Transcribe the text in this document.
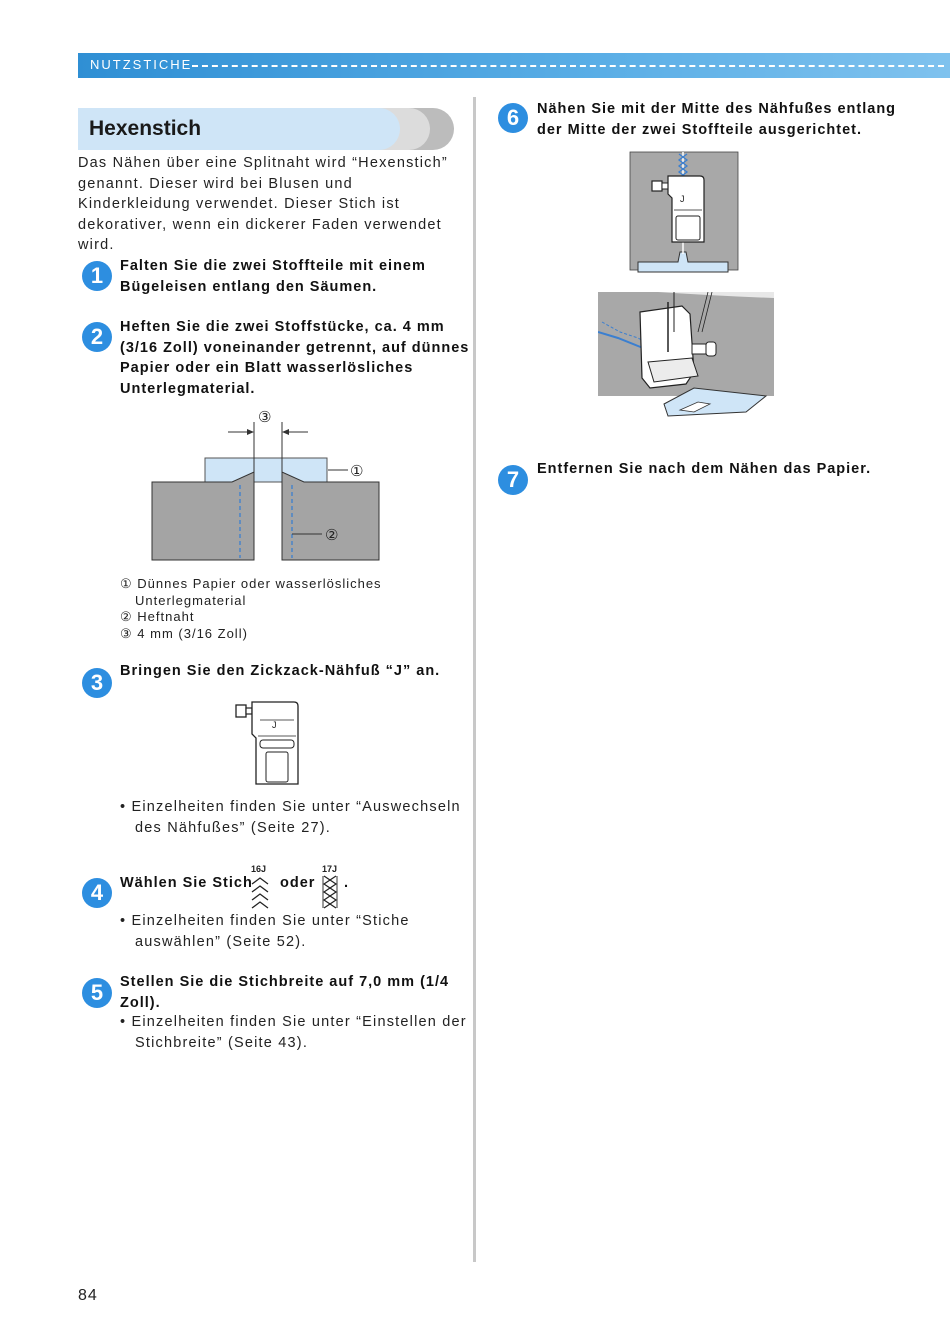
NUTZSTICHE
Hexenstich
Das Nähen über eine Splitnaht wird “Hexenstich” genannt. Dieser wird bei Blusen und Kinderkleidung verwendet. Dieser Stich ist dekorativer, wenn ein dickerer Faden verwendet wird.
1	Falten Sie die zwei Stoffteile mit einem
Bügeleisen entlang den Säumen.
2	Heften Sie die zwei Stoffstücke, ca. 4 mm
(3/16 Zoll) voneinander getrennt, auf dünnes
Papier oder ein Blatt wasserlösliches
Unterlegmaterial.
③
①
②
① Dünnes Papier oder wasserlösliches
Unterlegmaterial
② Heftnaht
③ 4 mm (3/16 Zoll)
3	Bringen Sie den Zickzack-Nähfuß “J” an.
J
• Einzelheiten finden Sie unter “Auswechseln
des Nähfußes” (Seite 27).
4	Wählen Sie Stich oder .
16J	17J
• Einzelheiten finden Sie unter “Stiche
auswählen” (Seite 52).
5	Stellen Sie die Stichbreite auf 7,0 mm (1/4
Zoll).
• Einzelheiten finden Sie unter “Einstellen der
Stichbreite” (Seite 43).
6	Nähen Sie mit der Mitte des Nähfußes entlang
der Mitte der zwei Stoffteile ausgerichtet.
J
7	Entfernen Sie nach dem Nähen das Papier.
84
